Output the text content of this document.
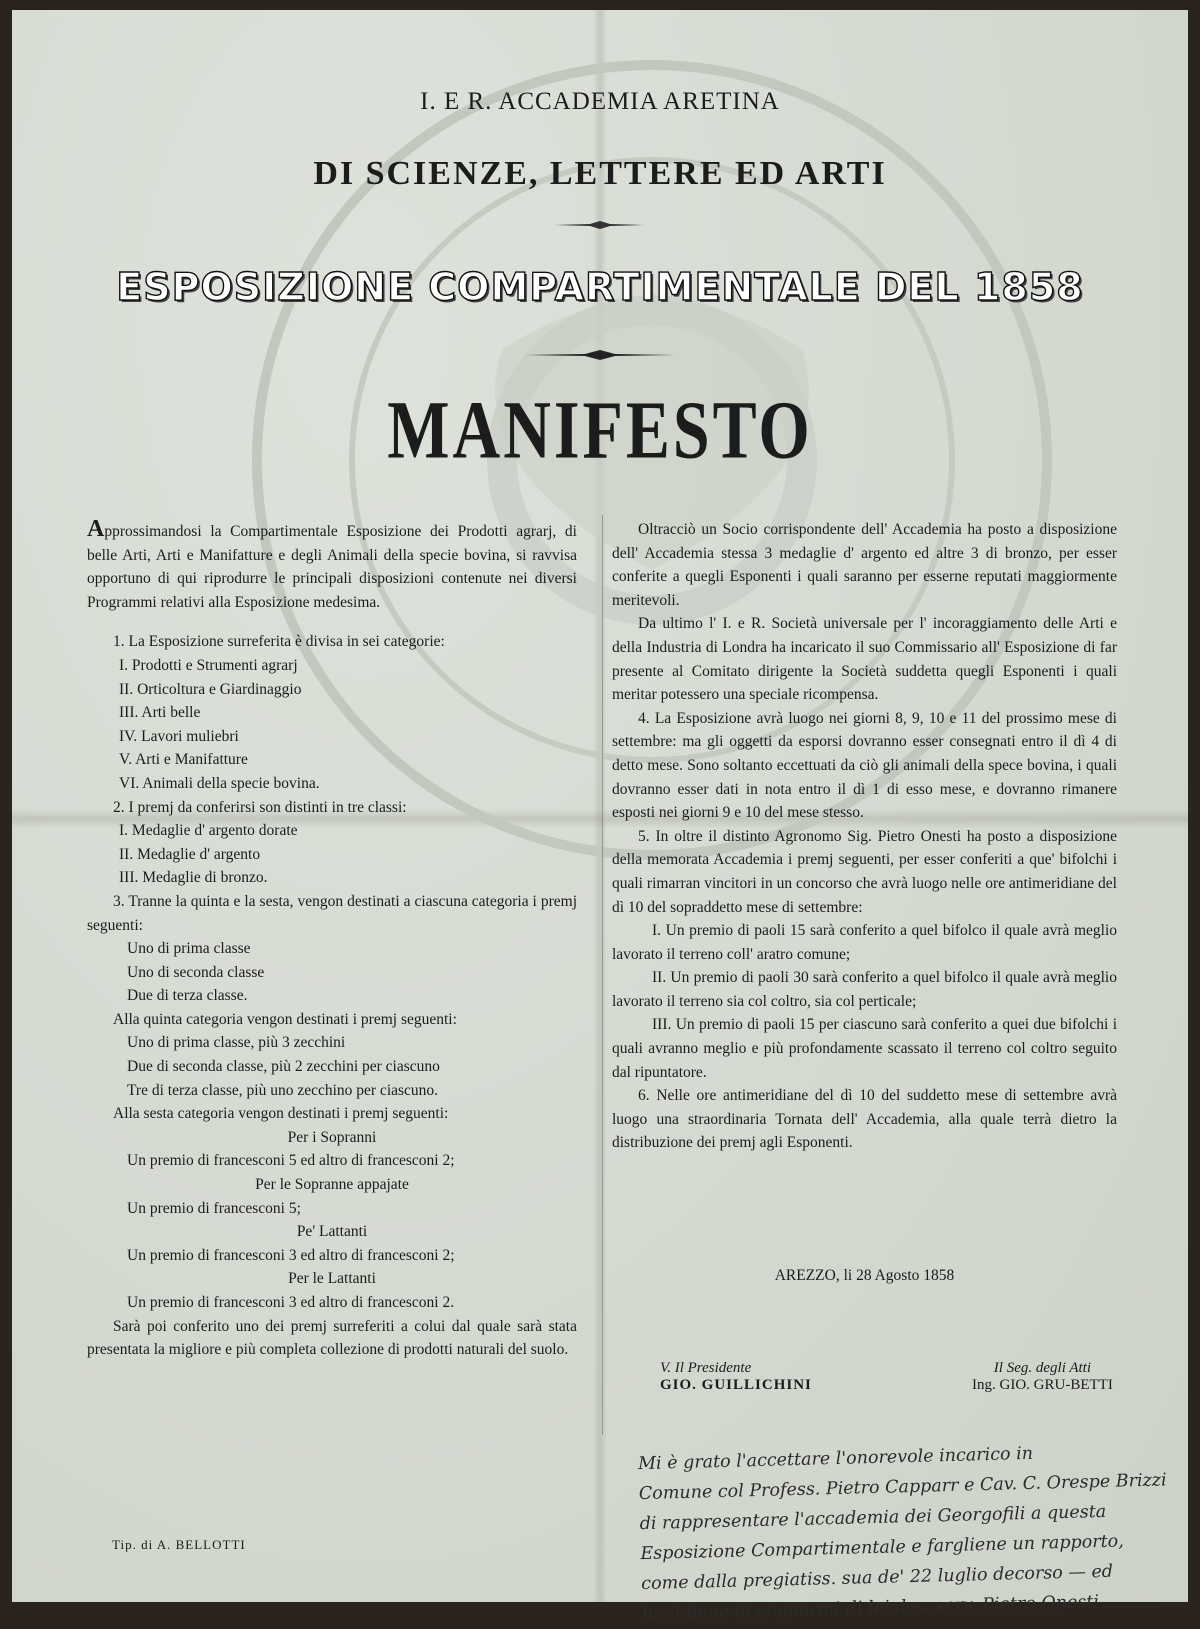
I. E R. ACCADEMIA ARETINA
DI SCIENZE, LETTERE ED ARTI
ESPOSIZIONE COMPARTIMENTALE DEL 1858
MANIFESTO

Approssimandosi la Compartimentale Esposizione dei Prodotti agrarj, di belle Arti, Arti e Manifatture e degli Animali della specie bovina, si ravvisa opportuno di qui riprodurre le principali disposizioni contenute nei diversi Programmi relativi alla Esposizione medesima.

1. La Esposizione surreferita è divisa in sei categorie:

I. Prodotti e Strumenti agrarj

II. Orticoltura e Giardinaggio

III. Arti belle

IV. Lavori muliebri

V. Arti e Manifatture

VI. Animali della specie bovina.

2. I premj da conferirsi son distinti in tre classi:

I. Medaglie d' argento dorate

II. Medaglie d' argento

III. Medaglie di bronzo.

3. Tranne la quinta e la sesta, vengon destinati a ciascuna categoria i premj seguenti:

Uno di prima classe

Uno di seconda classe

Due di terza classe.

Alla quinta categoria vengon destinati i premj seguenti:

Uno di prima classe, più 3 zecchini

Due di seconda classe, più 2 zecchini per ciascuno

Tre di terza classe, più uno zecchino per ciascuno.

Alla sesta categoria vengon destinati i premj seguenti:

Per i Sopranni

Un premio di francesconi 5 ed altro di francesconi 2;

Per le Sopranne appajate

Un premio di francesconi 5;

Pe' Lattanti

Un premio di francesconi 3 ed altro di francesconi 2;

Per le Lattanti

Un premio di francesconi 3 ed altro di francesconi 2.

Sarà poi conferito uno dei premj surreferiti a colui dal quale sarà stata presentata la migliore e più completa collezione di prodotti naturali del suolo.

Oltracciò un Socio corrispondente dell' Accademia ha posto a disposizione dell' Accademia stessa 3 medaglie d' argento ed altre 3 di bronzo, per esser conferite a quegli Esponenti i quali saranno per esserne reputati maggiormente meritevoli.

Da ultimo l' I. e R. Società universale per l' incoraggiamento delle Arti e della Industria di Londra ha incaricato il suo Commissario all' Esposizione di far presente al Comitato dirigente la Società suddetta quegli Esponenti i quali meritar potessero una speciale ricompensa.

4. La Esposizione avrà luogo nei giorni 8, 9, 10 e 11 del prossimo mese di settembre: ma gli oggetti da esporsi dovranno esser consegnati entro il dì 4 di detto mese. Sono soltanto eccettuati da ciò gli animali della spece bovina, i quali dovranno esser dati in nota entro il dì 1 di esso mese, e dovranno rimanere esposti nei giorni 9 e 10 del mese stesso.

5. In oltre il distinto Agronomo Sig. Pietro Onesti ha posto a disposizione della memorata Accademia i premj seguenti, per esser conferiti a que' bifolchi i quali rimarran vincitori in un concorso che avrà luogo nelle ore antimeridiane del dì 10 del sopraddetto mese di settembre:

I. Un premio di paoli 15 sarà conferito a quel bifolco il quale avrà meglio lavorato il terreno coll' aratro comune;

II. Un premio di paoli 30 sarà conferito a quel bifolco il quale avrà meglio lavorato il terreno sia col coltro, sia col perticale;

III. Un premio di paoli 15 per ciascuno sarà conferito a quei due bifolchi i quali avranno meglio e più profondamente scassato il terreno col coltro seguito dal ripuntatore.

6. Nelle ore antimeridiane del dì 10 del suddetto mese di settembre avrà luogo una straordinaria Tornata dell' Accademia, alla quale terrà dietro la distribuzione dei premj agli Esponenti.

AREZZO, li 28 Agosto 1858
V. Il Presidente
GIO. GUILLICHINI
Il Seg. degli Atti
Ing. GIO. GRU-BETTI
Tip. di A. BELLOTTI

Mi è grato l'accettare l'onorevole incarico in

Comune col Profess. Pietro Capparr e Cav. C. Orespe Brizzi

di rappresentare l'accademia dei Georgofili a questa

Esposizione Compartimentale e fargliene un rapporto,

come dalla pregiatiss. sua de' 22 luglio decorso — ed

ho il bene di segnarmi di lei dev. serv. Pietro Onesti
